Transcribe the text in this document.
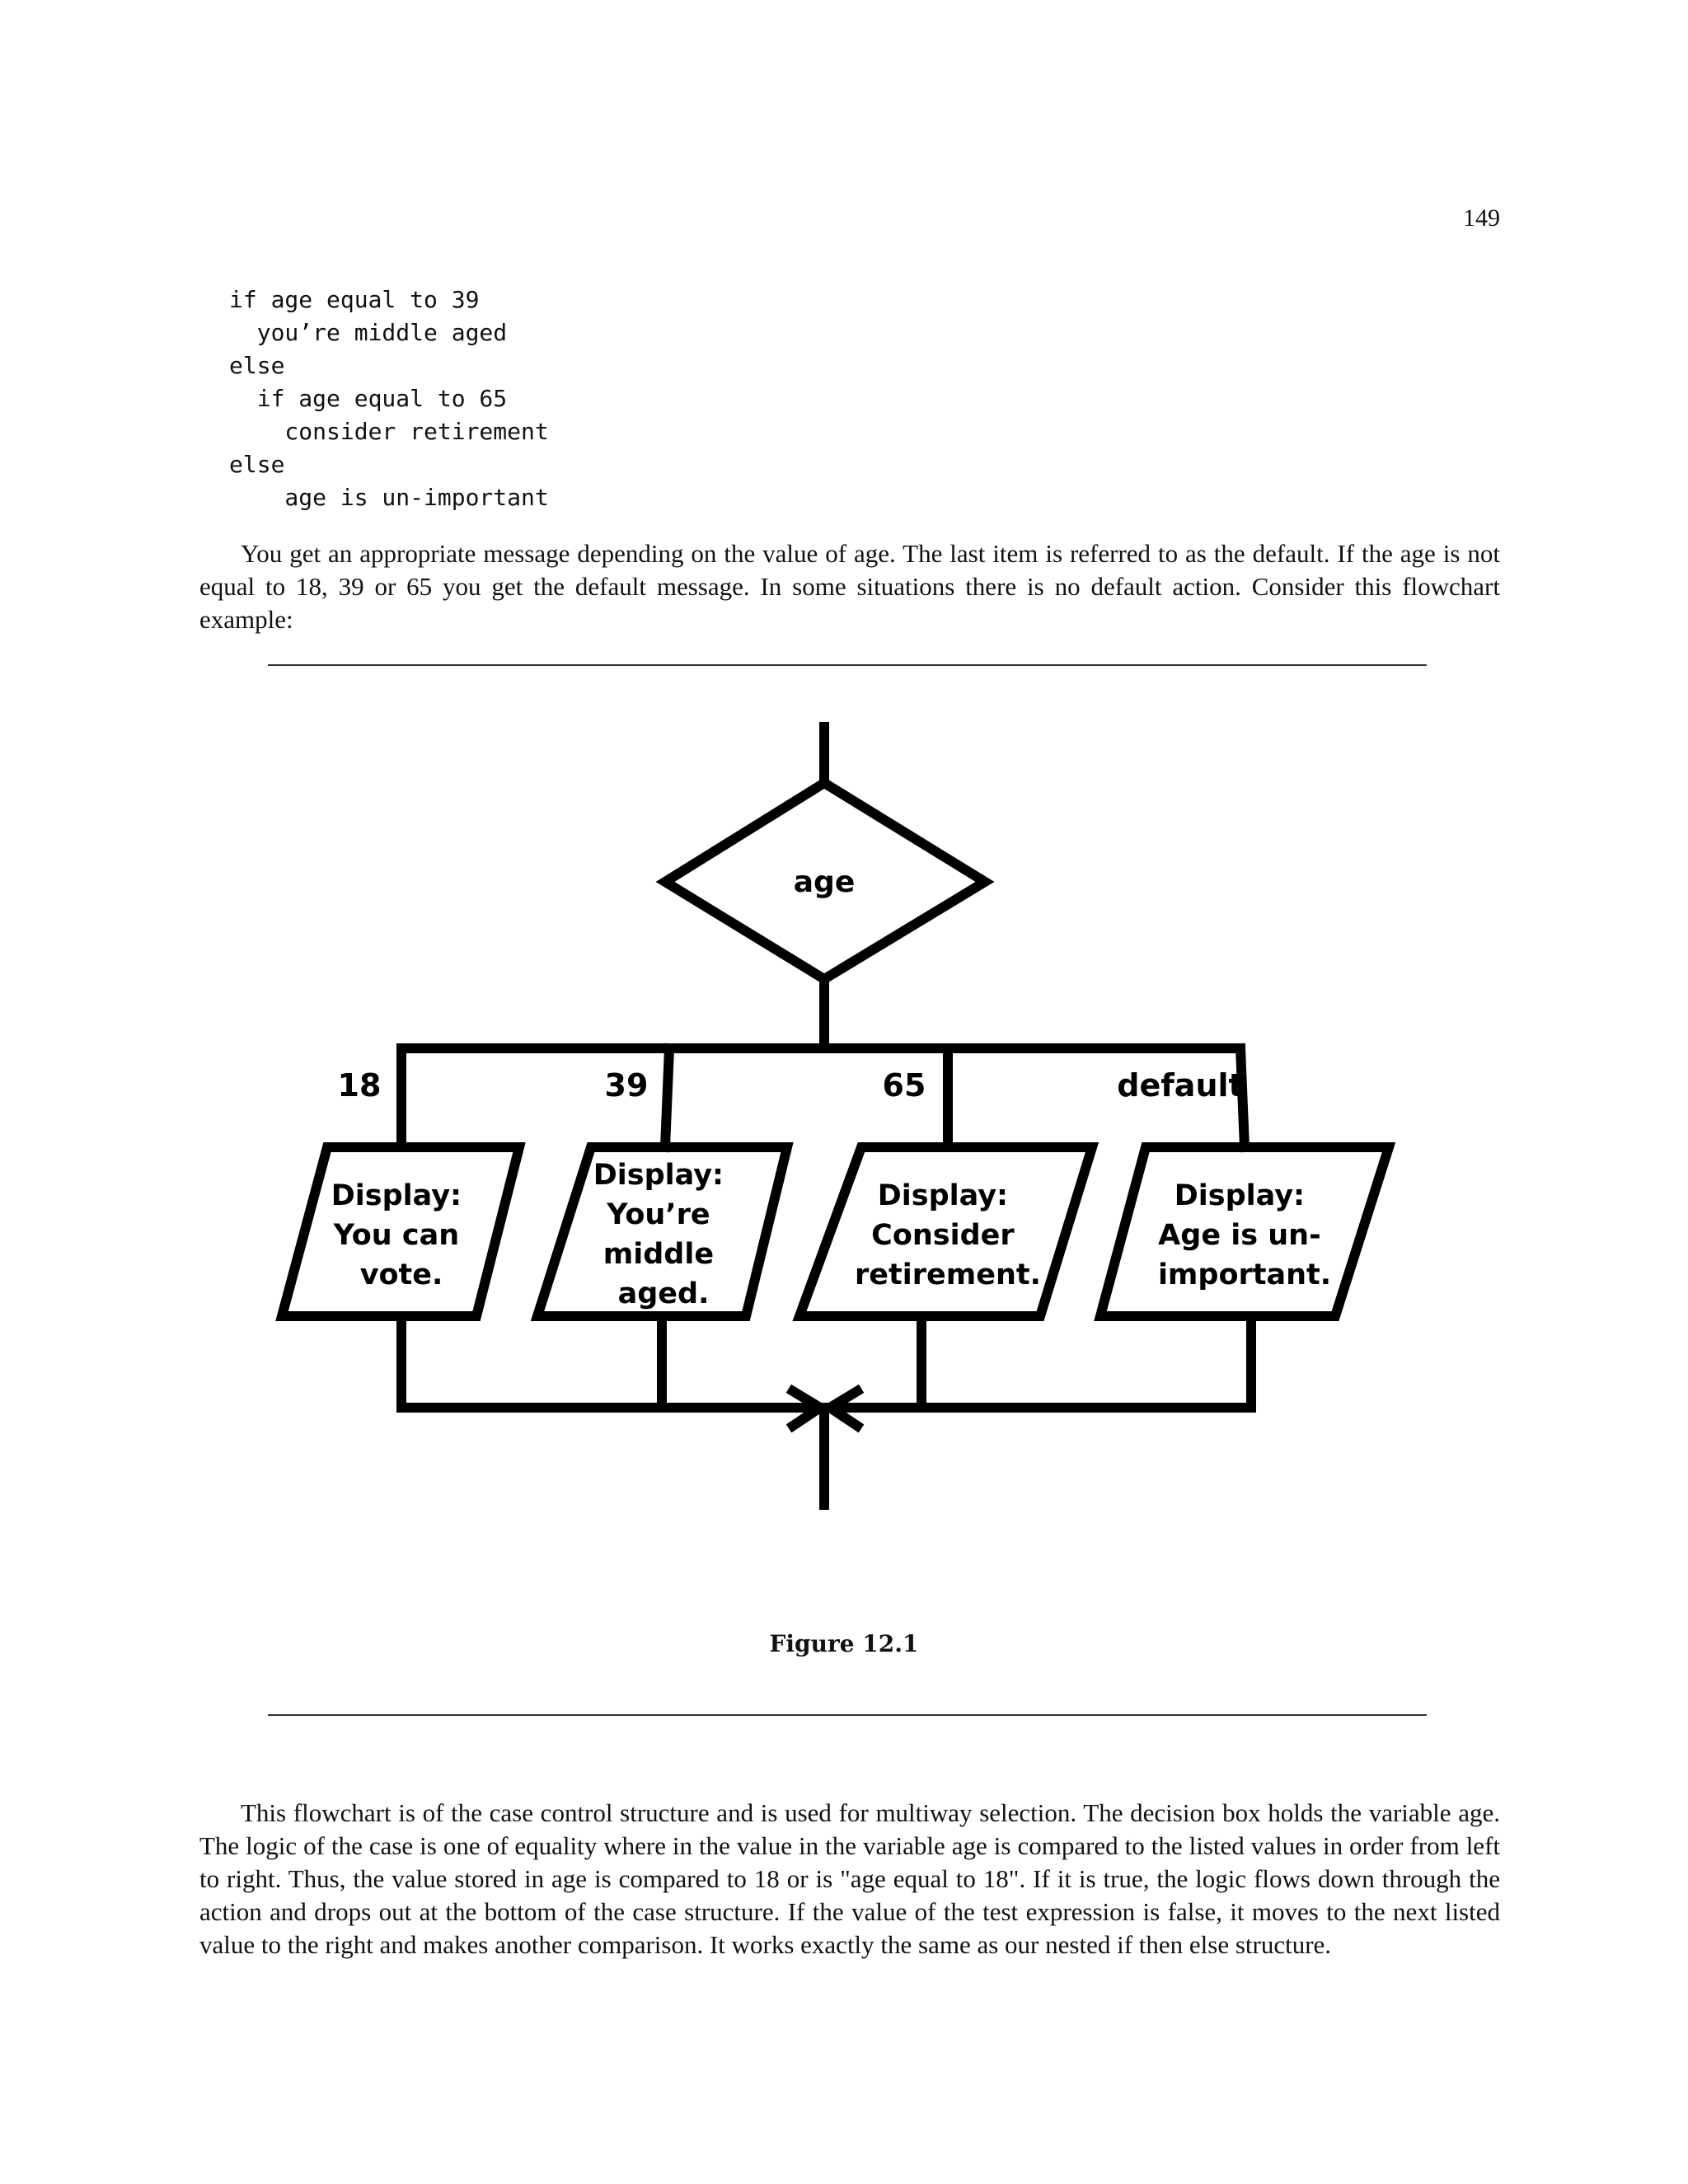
149
if age equal to 39
you’re middle aged
else
if age equal to 65
consider retirement
else
age is un-important

You get an appropriate message depending on the value of age. The last item is referred to as the default. If the age is not equal to 18, 39 or 65 you get the default message. In some situations there is no default action. Consider this flowchart example:

age
18	39	65	default
Display: You can vote.
Display: You’re middle aged.
Display: Consider retirement.
Display: Age is un- important.
Figure 12.1

This flowchart is of the case control structure and is used for multiway selection. The decision box holds the variable age. The logic of the case is one of equality where in the value in the variable age is compared to the listed values in order from left to right. Thus, the value stored in age is compared to 18 or is "age equal to 18". If it is true, the logic flows down through the action and drops out at the bottom of the case structure. If the value of the test expression is false, it moves to the next listed value to the right and makes another comparison. It works exactly the same as our nested if then else structure.
